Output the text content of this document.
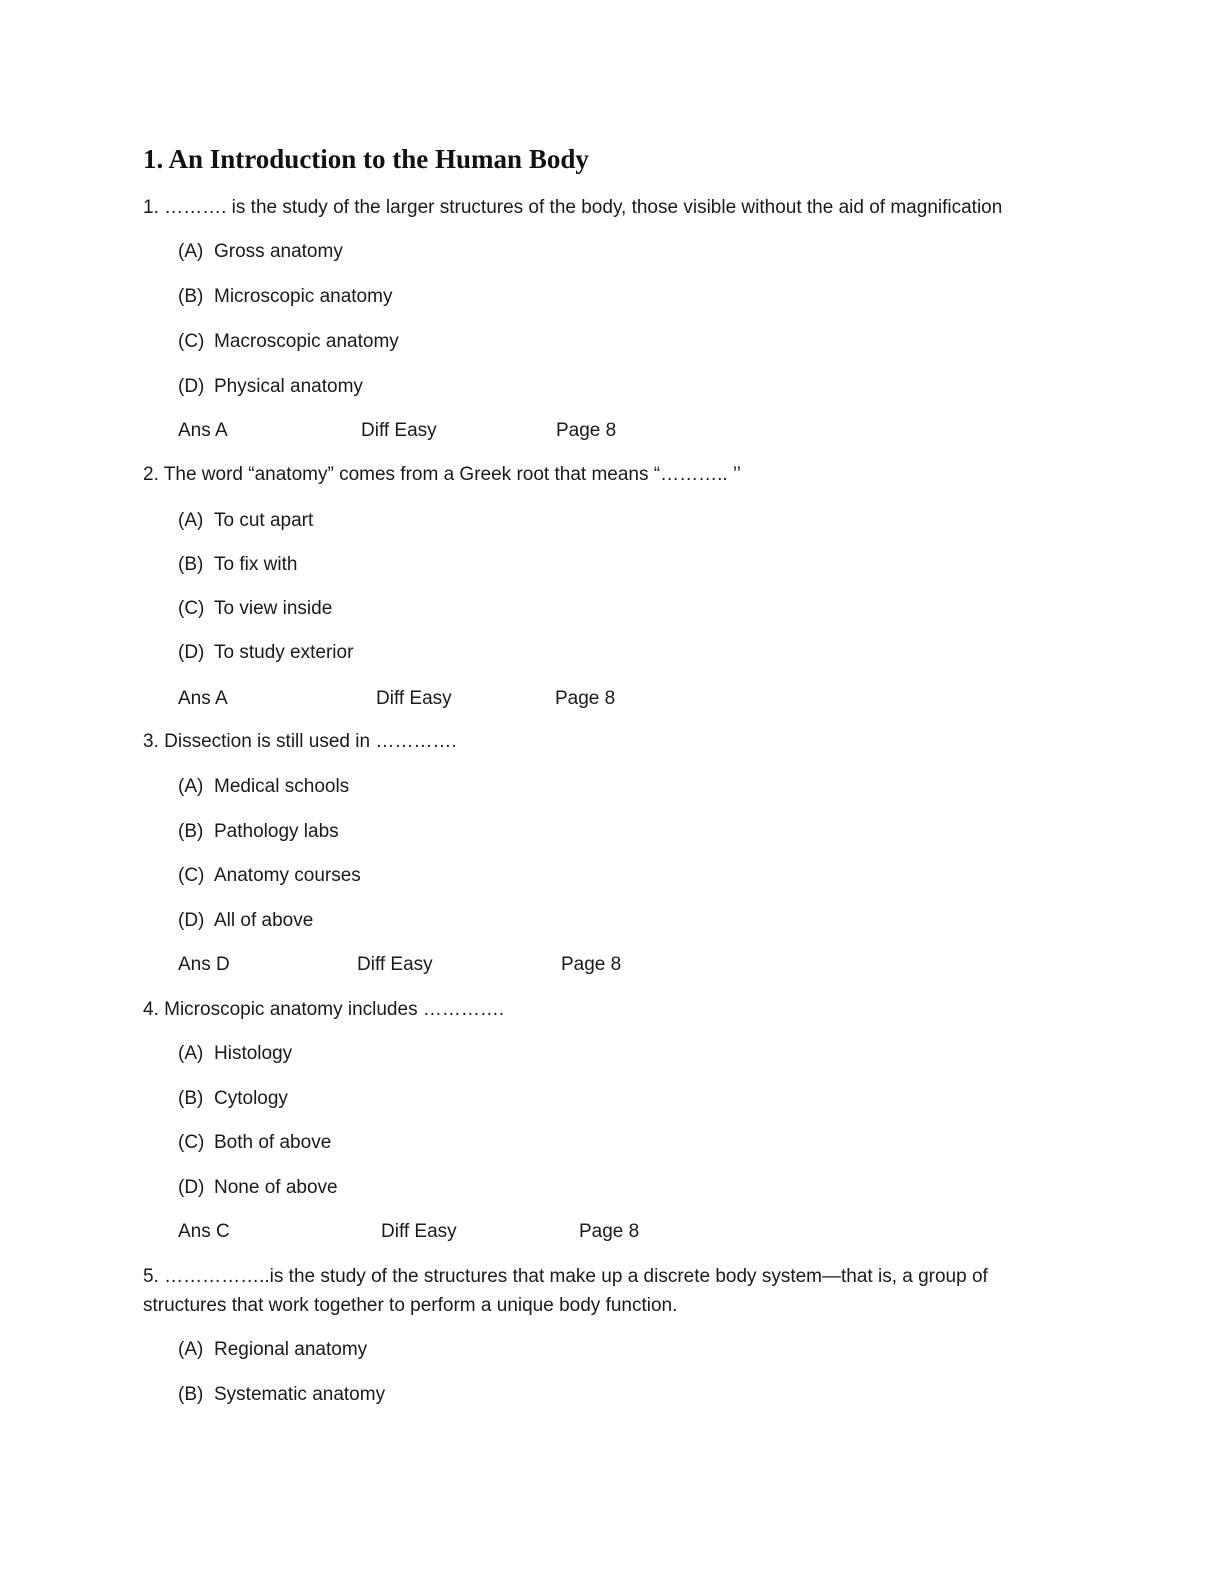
1. An Introduction to the Human Body
1. ………. is the study of the larger structures of the body, those visible without the aid of magnification
(A) Gross anatomy
(B) Microscopic anatomy
(C) Macroscopic anatomy
(D) Physical anatomy
Ans A	Diff Easy	Page 8
2. The word “anatomy” comes from a Greek root that means “……….. ’’
(A) To cut apart
(B) To fix with
(C) To view inside
(D) To study exterior
Ans A	Diff Easy	Page 8
3. Dissection is still used in ………….
(A) Medical schools
(B) Pathology labs
(C) Anatomy courses
(D) All of above
Ans D	Diff Easy	Page 8
4. Microscopic anatomy includes ………….
(A) Histology
(B) Cytology
(C) Both of above
(D) None of above
Ans C	Diff Easy	Page 8
5. ……………..is the study of the structures that make up a discrete body system—that is, a group of structures that work together to perform a unique body function.
(A) Regional anatomy
(B) Systematic anatomy
